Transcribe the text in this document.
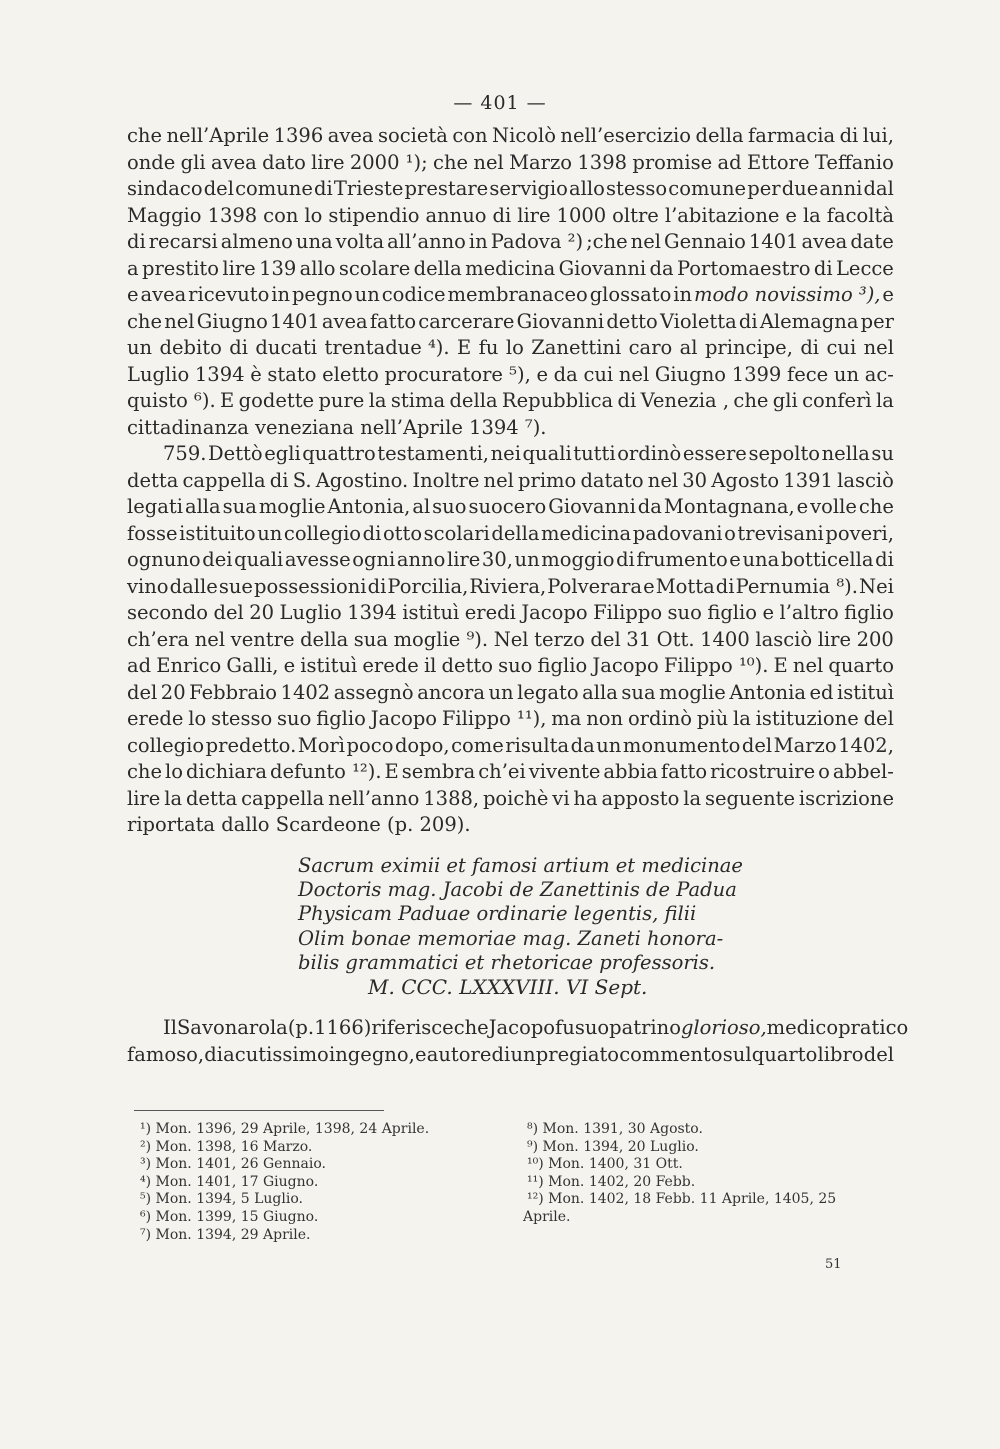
— 401 —
che nell’Aprile 1396 avea società con Nicolò nell’esercizio della farmacia di lui,
onde gli avea dato lire 2000 ¹); che nel Marzo 1398 promise ad Ettore Teffanio
sindaco del comune di Trieste prestare servigio allo stesso comune per due anni dal
Maggio 1398 con lo stipendio annuo di lire 1000 oltre l’abitazione e la facoltà
di recarsi almeno una volta all’anno in Padova ²) ;che nel Gennaio 1401 avea date
a prestito lire 139 allo scolare della medicina Giovanni da Portomaestro di Lecce
e avea ricevuto in pegno un codice membranaceo glossato in modo novissimo ³), e
che nel Giugno 1401 avea fatto carcerare Giovanni detto Violetta di Alemagna per
un debito di ducati trentadue ⁴). E fu lo Zanettini caro al principe, di cui nel
Luglio 1394 è stato eletto procuratore ⁵), e da cui nel Giugno 1399 fece un ac-
quisto ⁶). E godette pure la stima della Repubblica di Venezia , che gli conferì la
cittadinanza veneziana nell’Aprile 1394 ⁷).
759. Dettò egli quattro testamenti, nei quali tutti ordinò essere sepolto nella su
detta cappella di S. Agostino. Inoltre nel primo datato nel 30 Agosto 1391 lasciò
legati alla sua moglie Antonia, al suo suocero Giovanni da Montagnana, e volle che
fosse istituito un collegio di otto scolari della medicina padovani o trevisani poveri,
ognuno dei quali avesse ogni anno lire 30, un moggio di frumento e una botticella di
vino dalle sue possessioni di Porcilia, Riviera, Polverara e Motta di Pernumia ⁸). Nei
secondo del 20 Luglio 1394 istituì eredi Jacopo Filippo suo figlio e l’altro figlio
ch’era nel ventre della sua moglie ⁹). Nel terzo del 31 Ott. 1400 lasciò lire 200
ad Enrico Galli, e istituì erede il detto suo figlio Jacopo Filippo ¹⁰). E nel quarto
del 20 Febbraio 1402 assegnò ancora un legato alla sua moglie Antonia ed istituì
erede lo stesso suo figlio Jacopo Filippo ¹¹), ma non ordinò più la istituzione del
collegio predetto. Morì poco dopo, come risulta da un monumento del Marzo 1402,
che lo dichiara defunto ¹²). E sembra ch’ei vivente abbia fatto ricostruire o abbel-
lire la detta cappella nell’anno 1388, poichè vi ha apposto la seguente iscrizione
riportata dallo Scardeone (p. 209).
Sacrum eximii et famosi artium et medicinae
Doctoris mag. Jacobi de Zanettinis de Padua
Physicam Paduae ordinarie legentis, filii
Olim bonae memoriae mag. Zaneti honora-
bilis grammatici et rhetoricae professoris.
M. CCC. LXXXVIII. VI Sept.
Il Savonarola (p. 1166) riferisce che Jacopo fu suo patrino glorioso, medico pratico
famoso, di acutissimo ingegno, e autore di un pregiato commento sul quarto libro del
¹) Mon. 1396, 29 Aprile, 1398, 24 Aprile.
²) Mon. 1398, 16 Marzo.
³) Mon. 1401, 26 Gennaio.
⁴) Mon. 1401, 17 Giugno.
⁵) Mon. 1394, 5 Luglio.
⁶) Mon. 1399, 15 Giugno.
⁷) Mon. 1394, 29 Aprile.
⁸) Mon. 1391, 30 Agosto.
⁹) Mon. 1394, 20 Luglio.
¹⁰) Mon. 1400, 31 Ott.
¹¹) Mon. 1402, 20 Febb.
¹²) Mon. 1402, 18 Febb. 11 Aprile, 1405, 25
Aprile.
51
